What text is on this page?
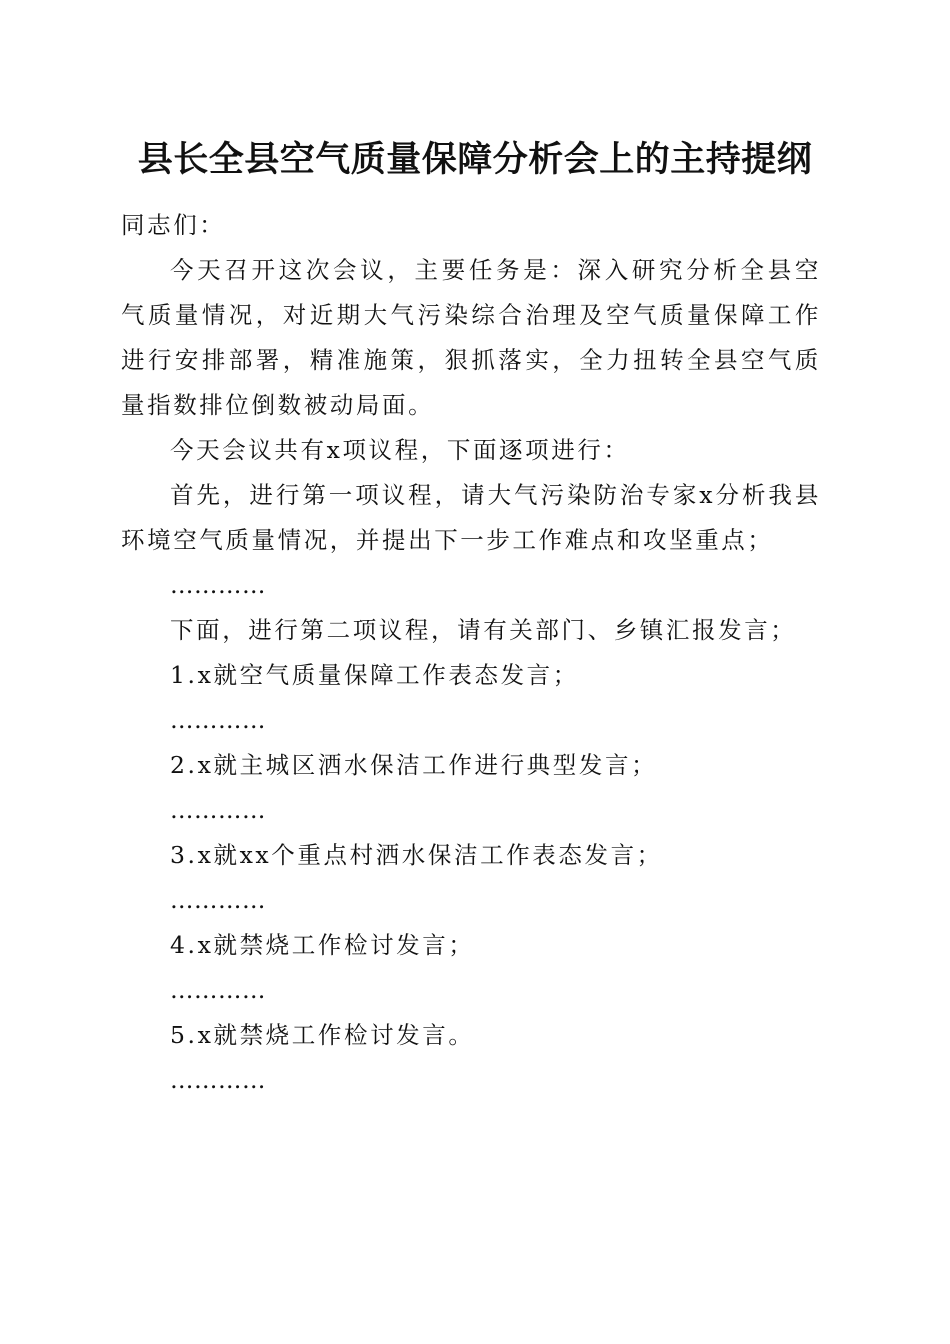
县长全县空气质量保障分析会上的主持提纲

同志们：

今天召开这次会议，主要任务是：深入研究分析全县空气质量情况，对近期大气污染综合治理及空气质量保障工作进行安排部署，精准施策，狠抓落实，全力扭转全县空气质量指数排位倒数被动局面。

今天会议共有x项议程，下面逐项进行：

首先，进行第一项议程，请大气污染防治专家x分析我县环境空气质量情况，并提出下一步工作难点和攻坚重点；

…………

下面，进行第二项议程，请有关部门、乡镇汇报发言；

1.x就空气质量保障工作表态发言；

…………

2.x就主城区洒水保洁工作进行典型发言；

…………

3.x就xx个重点村洒水保洁工作表态发言；

…………

4.x就禁烧工作检讨发言；

…………

5.x就禁烧工作检讨发言。

…………
